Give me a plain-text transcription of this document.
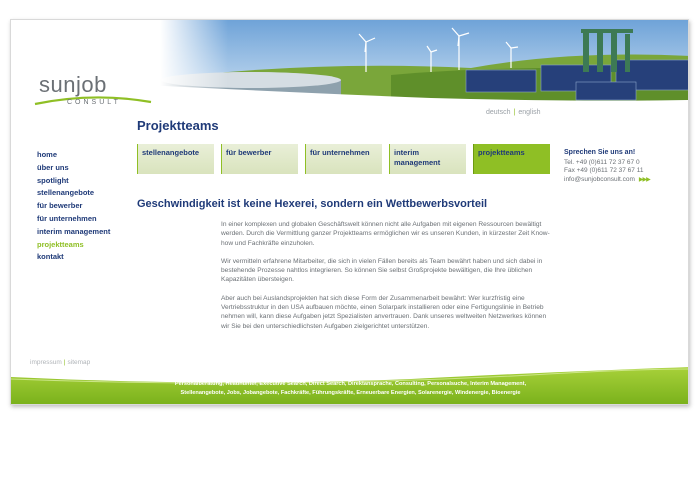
sunjob
CONSULT
deutsch | english
Projektteams
home
über uns
spotlight
stellenangebote
für bewerber
für unternehmen
interim management
projektteams
kontakt
stellenangebote	für bewerber	für unternehmen	interim management
projektteams	Sprechen Sie uns an!
Tel. +49 (0)611 72 37 67 0
Fax +49 (0)611 72 37 67 11
info@sunjobconsult.com ▶▶▶
Geschwindigkeit ist keine Hexerei, sondern ein Wettbewerbsvorteil

In einer komplexen und globalen Geschäftswelt können nicht alle Aufgaben mit eigenen Ressourcen bewältigt werden. Durch die Vermittlung ganzer Projektteams ermöglichen wir es unseren Kunden, in kürzester Zeit Know-how und Fachkräfte einzuholen.

Wir vermitteln erfahrene Mitarbeiter, die sich in vielen Fällen bereits als Team bewährt haben und sich dabei in bestehende Prozesse nahtlos integrieren. So können Sie selbst Großprojekte bewältigen, die Ihre üblichen Kapazitäten übersteigen.

Aber auch bei Auslandsprojekten hat sich diese Form der Zusammenarbeit bewährt: Wer kurzfristig eine Vertriebsstruktur in den USA aufbauen möchte, einen Solarpark installieren oder eine Fertigungslinie in Betrieb nehmen will, kann diese Aufgaben jetzt Spezialisten anvertrauen. Dank unseres weltweiten Netzwerkes können wir Sie bei den unterschiedlichsten Aufgaben zielgerichtet unterstützen.

impressum | sitemap
Personalberatung, Headhunter, Executive Search, Direct Search, Direktansprache, Consulting, Personalsuche, Interim Management,
Stellenangebote, Jobs, Jobangebote, Fachkräfte, Führungskräfte, Erneuerbare Energien, Solarenergie, Windenergie, Bioenergie
